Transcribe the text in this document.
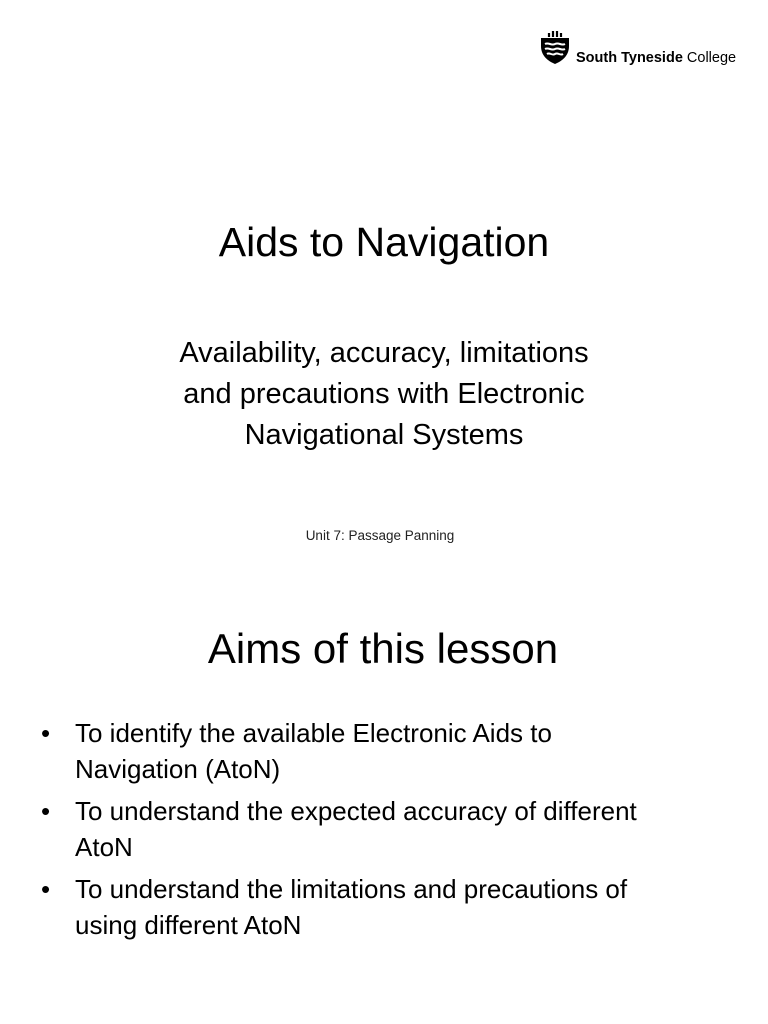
South Tyneside College
Aids to Navigation
Availability, accuracy, limitations
and precautions with Electronic
Navigational Systems
Unit 7: Passage Panning
Aims of this lesson
• To identify the available Electronic Aids to
Navigation (AtoN)
• To understand the expected accuracy of different
AtoN
• To understand the limitations and precautions of
using different AtoN
